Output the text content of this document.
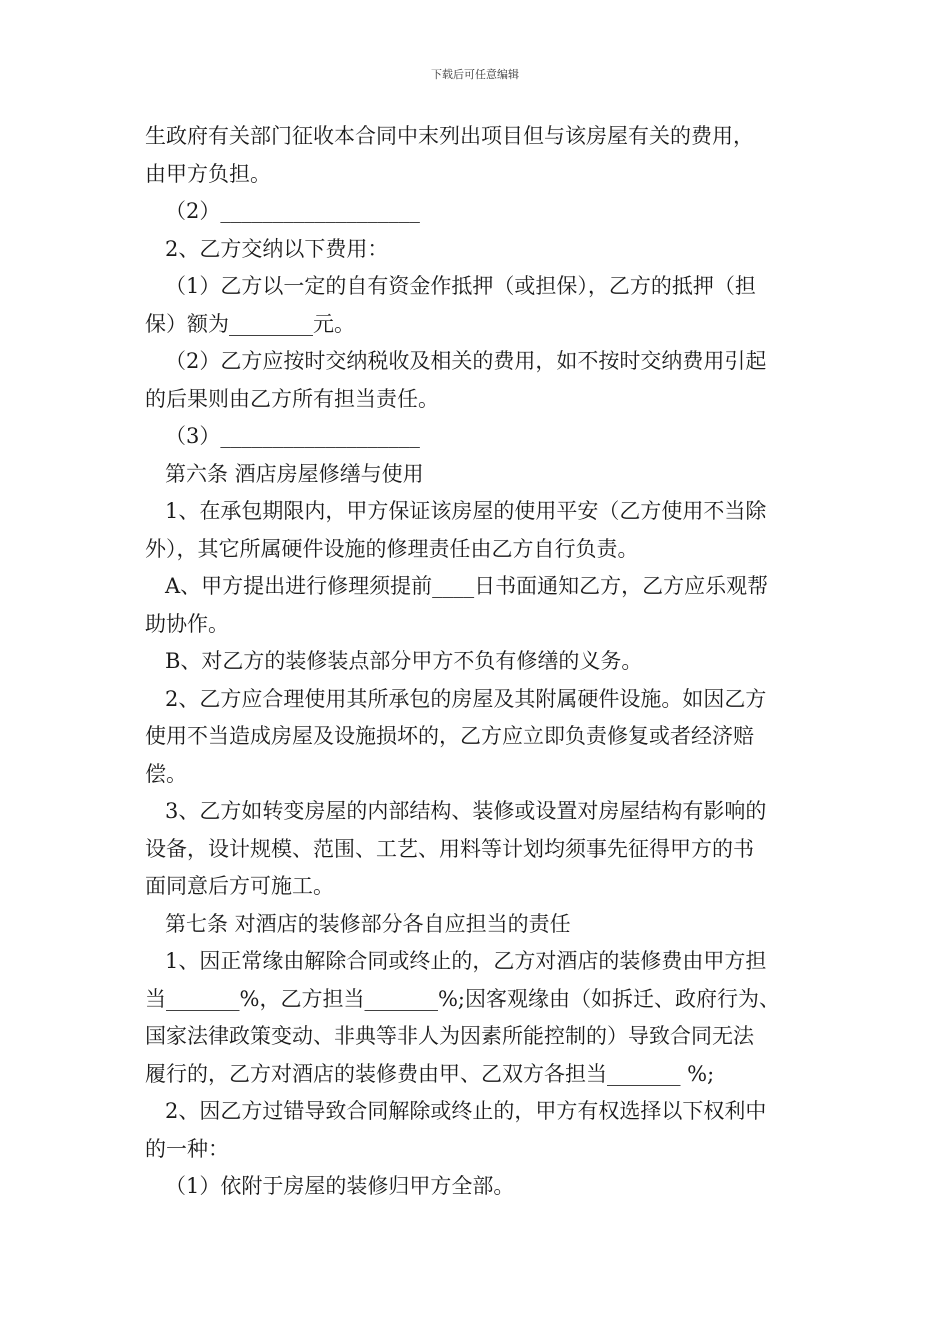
下载后可任意编辑
生政府有关部门征收本合同中末列出项目但与该房屋有关的费用，
由甲方负担。
（2）___________________
2、乙方交纳以下费用：
（1）乙方以一定的自有资金作抵押（或担保），乙方的抵押（担
保）额为________元。
（2）乙方应按时交纳税收及相关的费用，如不按时交纳费用引起
的后果则由乙方所有担当责任。
（3）___________________
第六条 酒店房屋修缮与使用
1、在承包期限内，甲方保证该房屋的使用平安（乙方使用不当除
外），其它所属硬件设施的修理责任由乙方自行负责。
A、甲方提出进行修理须提前____日书面通知乙方，乙方应乐观帮
助协作。
B、对乙方的装修装点部分甲方不负有修缮的义务。
2、乙方应合理使用其所承包的房屋及其附属硬件设施。如因乙方
使用不当造成房屋及设施损坏的，乙方应立即负责修复或者经济赔
偿。
3、乙方如转变房屋的内部结构、装修或设置对房屋结构有影响的
设备，设计规模、范围、工艺、用料等计划均须事先征得甲方的书
面同意后方可施工。
第七条 对酒店的装修部分各自应担当的责任
1、因正常缘由解除合同或终止的，乙方对酒店的装修费由甲方担
当_______%，乙方担当_______%;因客观缘由（如拆迁、政府行为、
国家法律政策变动、非典等非人为因素所能控制的）导致合同无法
履行的，乙方对酒店的装修费由甲、乙双方各担当_______ %;
2、因乙方过错导致合同解除或终止的，甲方有权选择以下权利中
的一种：
（1）依附于房屋的装修归甲方全部。
